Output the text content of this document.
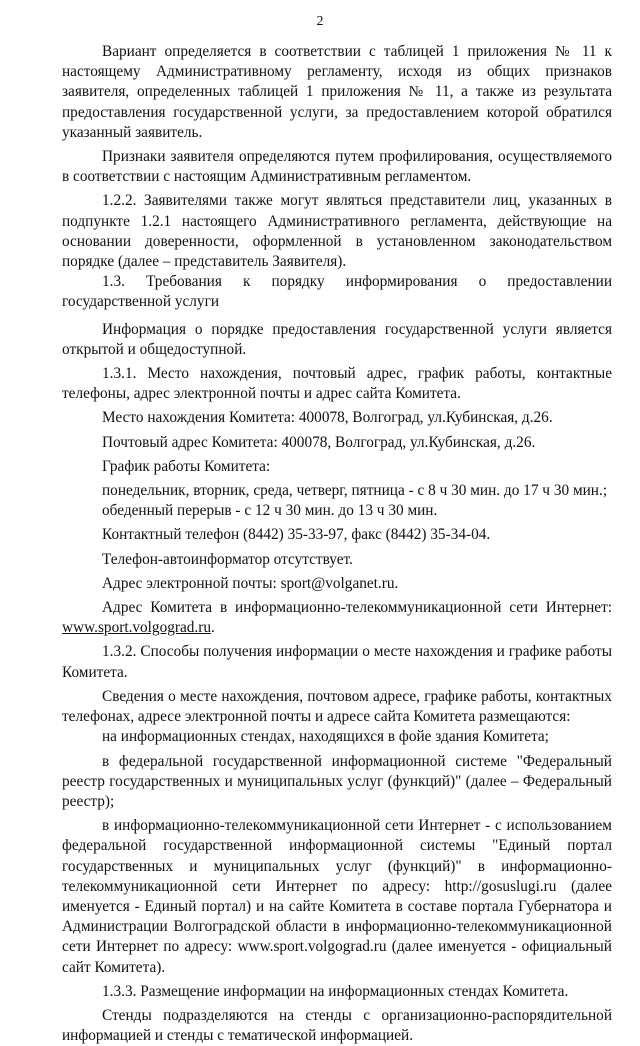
2

Вариант определяется в соответствии с таблицей 1 приложения № 11 к настоящему Административному регламенту, исходя из общих признаков заявителя, определенных таблицей 1 приложения № 11, а также из результата предоставления государственной услуги, за предоставлением которой обратился указанный заявитель.

Признаки заявителя определяются путем профилирования, осуществляемого в соответствии с настоящим Административным регламентом.

1.2.2. Заявителями также могут являться представители лиц, указанных в подпункте 1.2.1 настоящего Административного регламента, действующие на основании доверенности, оформленной в установленном законодательством порядке (далее – представитель Заявителя).

1.3. Требования к порядку информирования о предоставлении государственной услуги

Информация о порядке предоставления государственной услуги является открытой и общедоступной.

1.3.1. Место нахождения, почтовый адрес, график работы, контактные телефоны, адрес электронной почты и адрес сайта Комитета.

Место нахождения Комитета: 400078, Волгоград, ул.Кубинская, д.26.

Почтовый адрес Комитета: 400078, Волгоград, ул.Кубинская, д.26.

График работы Комитета:

понедельник, вторник, среда, четверг, пятница - с 8 ч 30 мин. до 17 ч 30 мин.;

обеденный перерыв - с 12 ч 30 мин. до 13 ч 30 мин.

Контактный телефон (8442) 35-33-97, факс (8442) 35-34-04.

Телефон-автоинформатор отсутствует.

Адрес электронной почты: sport@volganet.ru.

Адрес Комитета в информационно-телекоммуникационной сети Интернет:

www.sport.volgograd.ru.

1.3.2. Способы получения информации о месте нахождения и графике работы Комитета.

Сведения о месте нахождения, почтовом адресе, графике работы, контактных телефонах, адресе электронной почты и адресе сайта Комитета размещаются:

на информационных стендах, находящихся в фойе здания Комитета;

в федеральной государственной информационной системе "Федеральный реестр государственных и муниципальных услуг (функций)" (далее – Федеральный реестр);

в информационно-телекоммуникационной сети Интернет - с использованием федеральной государственной информационной системы "Единый портал государственных и муниципальных услуг (функций)" в информационно-телекоммуникационной сети Интернет по адресу: http://gosuslugi.ru (далее именуется - Единый портал) и на сайте Комитета в составе портала Губернатора и Администрации Волгоградской области в информационно-телекоммуникационной сети Интернет по адресу: www.sport.volgograd.ru (далее именуется - официальный сайт Комитета).

1.3.3. Размещение информации на информационных стендах Комитета.

Стенды подразделяются на стенды с организационно-распорядительной информацией и стенды с тематической информацией.
